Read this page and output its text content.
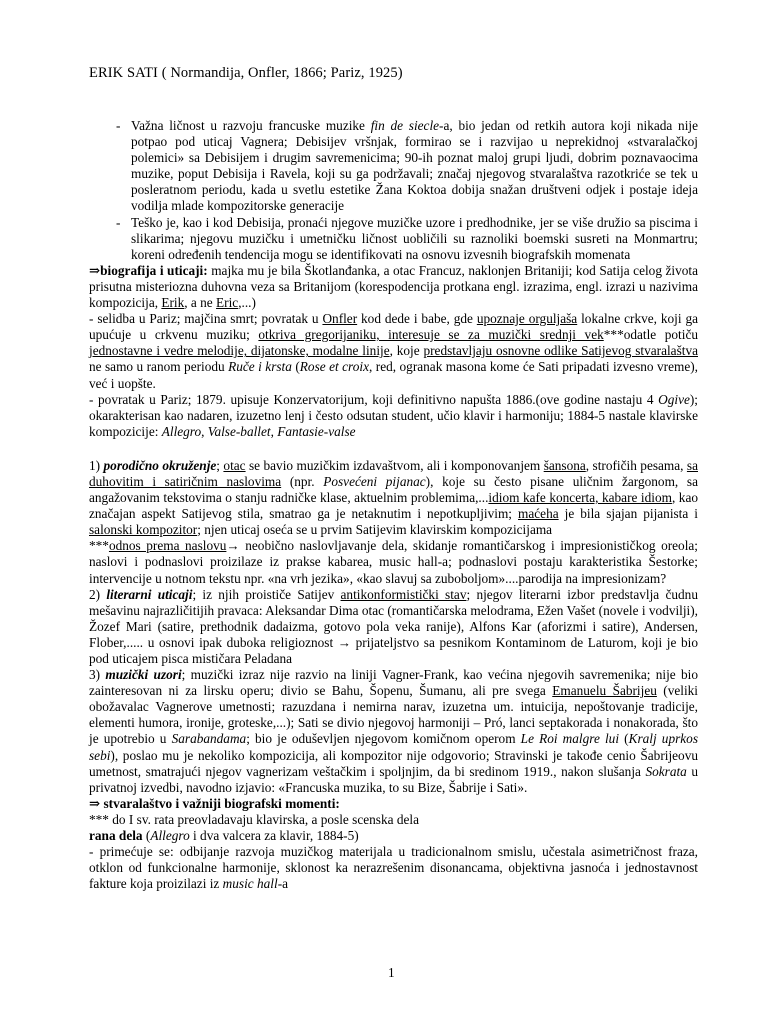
ERIK SATI ( Normandija, Onfler, 1866; Pariz, 1925)
- Važna ličnost u razvoju francuske muzike fin de siecle-a, bio jedan od retkih autora koji nikada nije potpao pod uticaj Vagnera; Debisijev vršnjak, formirao se i razvijao u neprekidnoj «stvaralačkoj polemici» sa Debisijem i drugim savremenicima; 90-ih poznat maloj grupi ljudi, dobrim poznavaocima muzike, poput Debisija i Ravela, koji su ga podržavali; značaj njegovog stvaralaštva razotkriće se tek u posleratnom periodu, kada u svetlu estetike Žana Koktoa dobija snažan društveni odjek i postaje ideja vodilja mlade kompozitorske generacije
- Teško je, kao i kod Debisija, pronaći njegove muzičke uzore i predhodnike, jer se više družio sa piscima i slikarima; njegovu muzičku i umetničku ličnost uobličili su raznoliki boemski susreti na Monmartru; koreni određenih tendencija mogu se identifikovati na osnovu izvesnih biografskih momenata

⇒biografija i uticaji: majka mu je bila Škotlanđanka, a otac Francuz, naklonjen Britaniji; kod Satija celog života prisutna misteriozna duhovna veza sa Britanijom (korespodencija protkana engl. izrazima, engl. izrazi u nazivima kompozicija, Erik, a ne Eric,...)

- selidba u Pariz; majčina smrt; povratak u Onfler kod dede i babe, gde upoznaje orgulјaša lokalne crkve, koji ga upućuje u crkvenu muziku; otkriva gregorijaniku, interesuje se za muzički srednji vek***odatle potiču jednostavne i vedre melodije, dijatonske, modalne linije, koje predstavljaju osnovne odlike Satijevog stvaralaštva ne samo u ranom periodu Ruče i krsta (Rose et croix, red, ogranak masona kome će Sati pripadati izvesno vreme), već i uopšte.

- povratak u Pariz; 1879. upisuje Konzervatorijum, koji definitivno napušta 1886.(ove godine nastaju 4 Ogive); okarakterisan kao nadaren, izuzetno lenj i često odsutan student, učio klavir i harmoniju; 1884-5 nastale klavirske kompozicije: Allegro, Valse-ballet, Fantasie-valse

1) porodično okruženje; otac se bavio muzičkim izdavaštvom, ali i komponovanjem šansona, strofičih pesama, sa duhovitim i satiričnim naslovima (npr. Posvećeni pijanac), koje su često pisane uličnim žargonom, sa angažovanim tekstovima o stanju radničke klase, aktuelnim problemima,...idiom kafe koncerta, kabare idiom, kao značajan aspekt Satijevog stila, smatrao ga je netaknutim i nepotkupljivim; maćeha je bila sjajan pijanista i salonski kompozitor; njen uticaj oseća se u prvim Satijevim klavirskim kompozicijama

***odnos prema naslovu→ neobično naslovljavanje dela, skidanje romantičarskog i impresionističkog oreola; naslovi i podnaslovi proizilaze iz prakse kabarea, music hall-a; podnaslovi postaju karakteristika Šestorke; intervencije u notnom tekstu npr. «na vrh jezika», «kao slavuj sa zuboboljom»....parodija na impresionizam?

2) literarni uticaji; iz njih proističe Satijev antikonformistički stav; njegov literarni izbor predstavlja čudnu mešavinu najrazličitijih pravaca: Aleksandar Dima otac (romantičarska melodrama, Ežen Vašet (novele i vodvilji), Žozef Mari (satire, prethodnik dadaizma, gotovo pola veka ranije), Alfons Kar (aforizmi i satire), Andersen, Flober,..... u osnovi ipak duboka religioznost → prijateljstvo sa pesnikom Kontaminom de Laturom, koji je bio pod uticajem pisca mističara Peladana

3) muzički uzori; muzički izraz nije razvio na liniji Vagner-Frank, kao većina njegovih savremenika; nije bio zainteresovan ni za lirsku operu; divio se Bahu, Šopenu, Šumanu, ali pre svega Emanuelu Šabrijeu (veliki obožavalac Vagnerove umetnosti; razuzdana i nemirna narav, izuzetna um. intuicija, nepoštovanje tradicije, elementi humora, ironije, groteske,...); Sati se divio njegovoj harmoniji – Pró, lanci septakorada i nonakorada, što je upotrebio u Sarabandama; bio je oduševljen njegovom komičnom operom Le Roi malgre lui (Kralj uprkos sebi), poslao mu je nekoliko kompozicija, ali kompozitor nije odgovorio; Stravinski je takođe cenio Šabrijeovu umetnost, smatrajući njegov vagnerizam veštačkim i spoljnjim, da bi sredinom 1919., nakon slušanja Sokrata u privatnoj izvedbi, navodno izjavio: «Francuska muzika, to su Bize, Šabrije i Sati».

⇒ stvaralaštvo i važniji biografski momenti:

*** do I sv. rata preovladavaju klavirska, a posle scenska dela

rana dela (Allegro i dva valcera za klavir, 1884-5)

- primećuje se: odbijanje razvoja muzičkog materijala u tradicionalnom smislu, učestala asimetričnost fraza, otklon od funkcionalne harmonije, sklonost ka nerazrešenim disonancama, objektivna jasnoća i jednostavnost fakture koja proizilazi iz music hall-a

1
